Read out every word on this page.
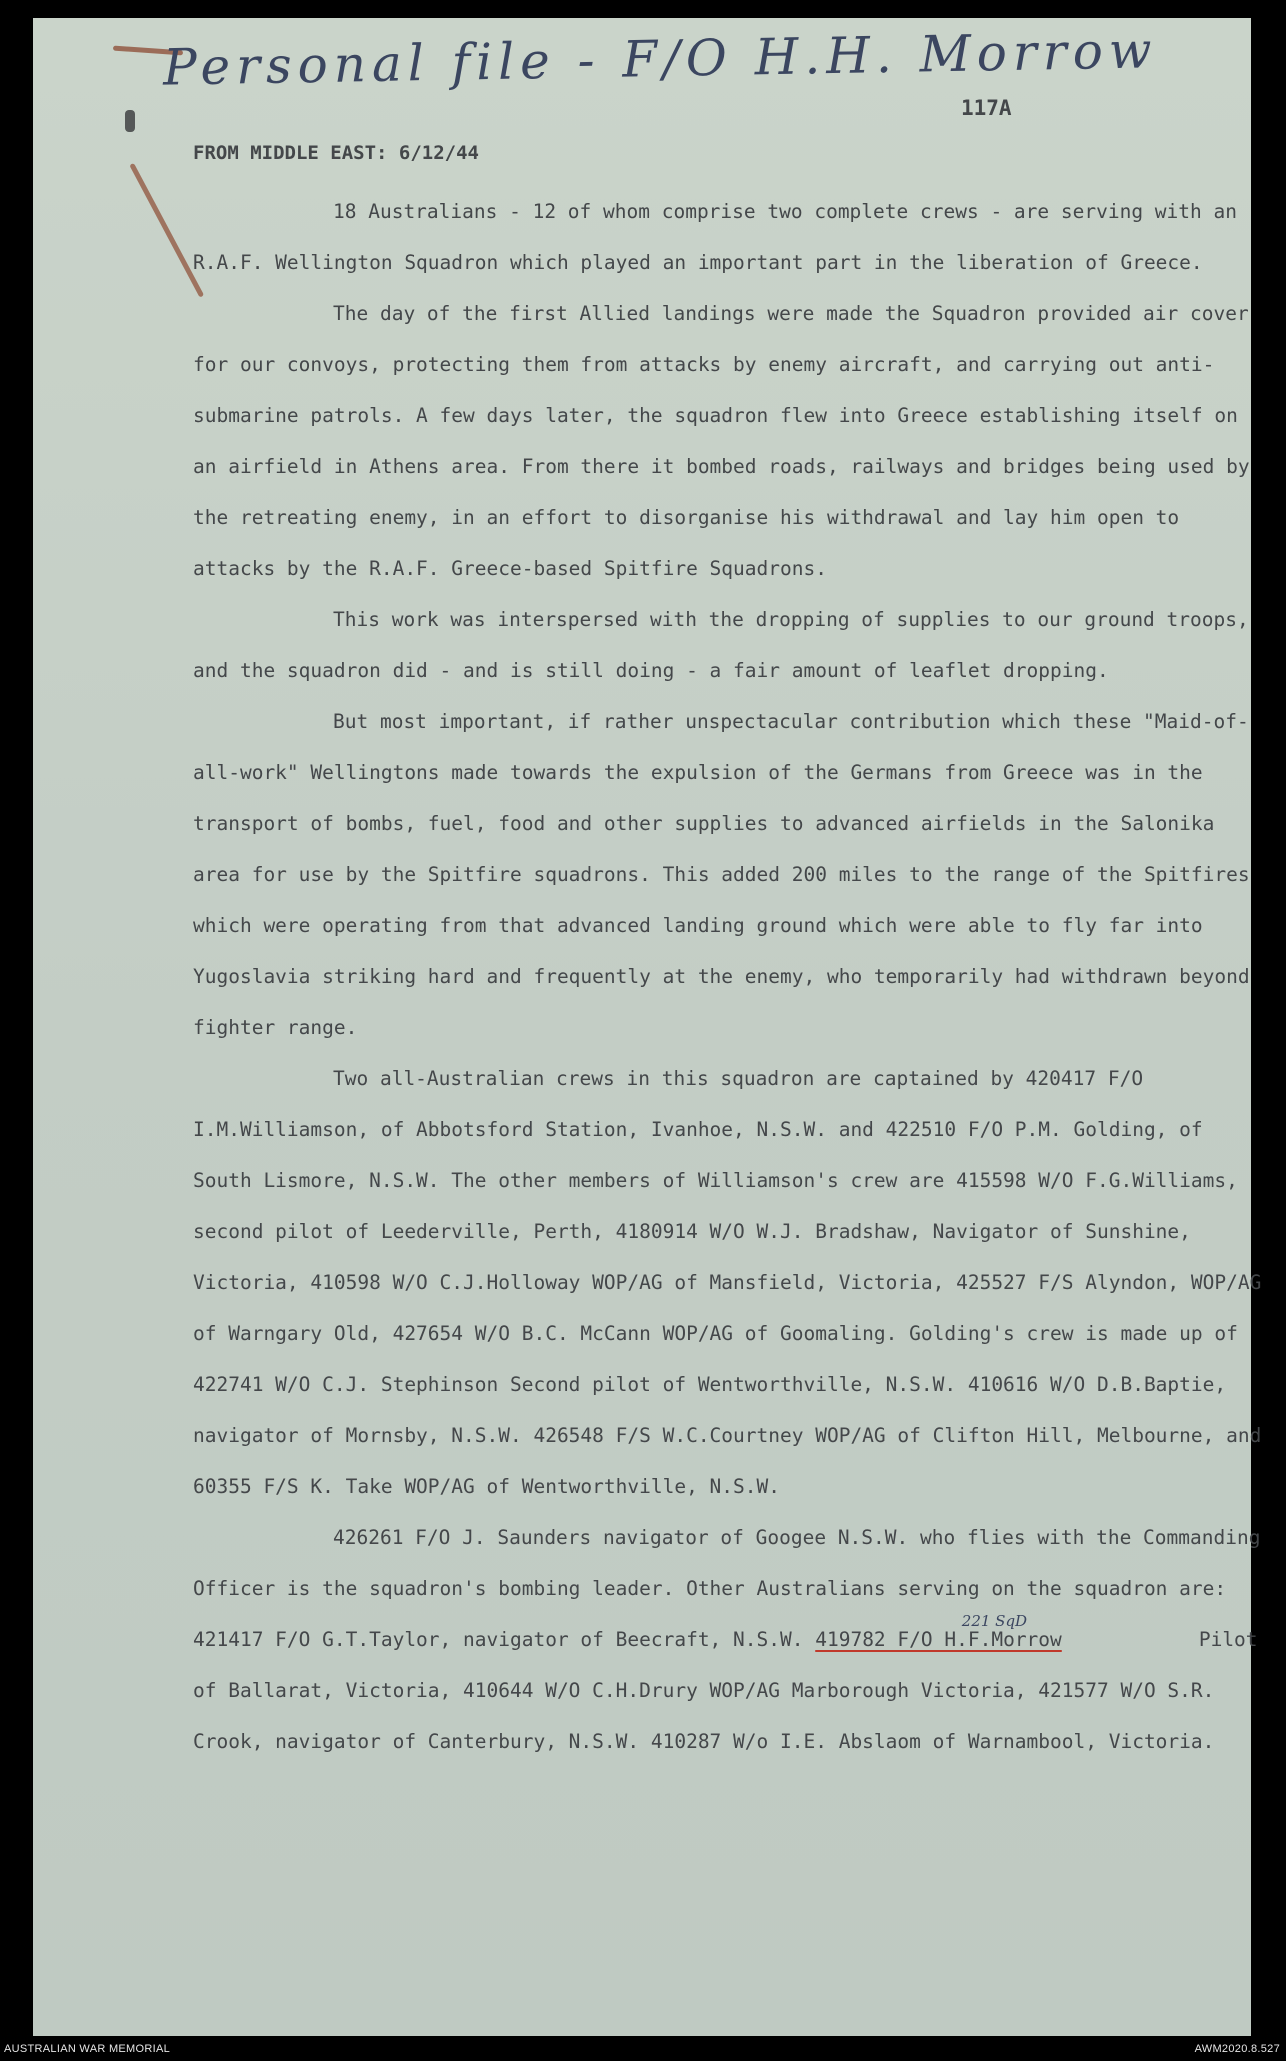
Personal file - F/O H.H. Morrow
117A
FROM MIDDLE EAST: 6/12/44

18 Australians - 12 of whom comprise two complete crews - are serving with an R.A.F. Wellington Squadron which played an important part in the liberation of Greece.

The day of the first Allied landings were made the Squadron provided air cover for our convoys, protecting them from attacks by enemy aircraft, and carrying out anti-submarine patrols. A few days later, the squadron flew into Greece establishing itself on an airfield in Athens area. From there it bombed roads, railways and bridges being used by the retreating enemy, in an effort to disorganise his withdrawal and lay him open to attacks by the R.A.F. Greece-based Spitfire Squadrons.

This work was interspersed with the dropping of supplies to our ground troops, and the squadron did - and is still doing - a fair amount of leaflet dropping.

But most important, if rather unspectacular contribution which these "Maid-of-all-work" Wellingtons made towards the expulsion of the Germans from Greece was in the transport of bombs, fuel, food and other supplies to advanced airfields in the Salonika area for use by the Spitfire squadrons. This added 200 miles to the range of the Spitfires which were operating from that advanced landing ground which were able to fly far into Yugoslavia striking hard and frequently at the enemy, who temporarily had withdrawn beyond fighter range.

Two all-Australian crews in this squadron are captained by 420417 F/O I.M.Williamson, of Abbotsford Station, Ivanhoe, N.S.W. and 422510 F/O P.M. Golding, of South Lismore, N.S.W. The other members of Williamson's crew are 415598 W/O F.G.Williams, second pilot of Leederville, Perth, 4180914 W/O W.J. Bradshaw, Navigator of Sunshine, Victoria, 410598 W/O C.J.Holloway WOP/AG of Mansfield, Victoria, 425527 F/S Alyndon, WOP/AG of Warngary Old, 427654 W/O B.C. McCann WOP/AG of Goomaling. Golding's crew is made up of 422741 W/O C.J. Stephinson Second pilot of Wentworthville, N.S.W. 410616 W/O D.B.Baptie, navigator of Mornsby, N.S.W. 426548 F/S W.C.Courtney WOP/AG of Clifton Hill, Melbourne, and 60355 F/S K. Take WOP/AG of Wentworthville, N.S.W.

426261 F/O J. Saunders navigator of Googee N.S.W. who flies with the Commanding Officer is the squadron's bombing leader. Other Australians serving on the squadron are: 421417 F/O G.T.Taylor, navigator of Beecraft, N.S.W. 419782 F/O H.F.Morrow221 SqD Pilot of Ballarat, Victoria, 410644 W/O C.H.Drury WOP/AG Marborough Victoria, 421577 W/O S.R. Crook, navigator of Canterbury, N.S.W. 410287 W/o I.E. Abslaom of Warnambool, Victoria.

AUSTRALIAN WAR MEMORIAL	AWM2020.8.527
